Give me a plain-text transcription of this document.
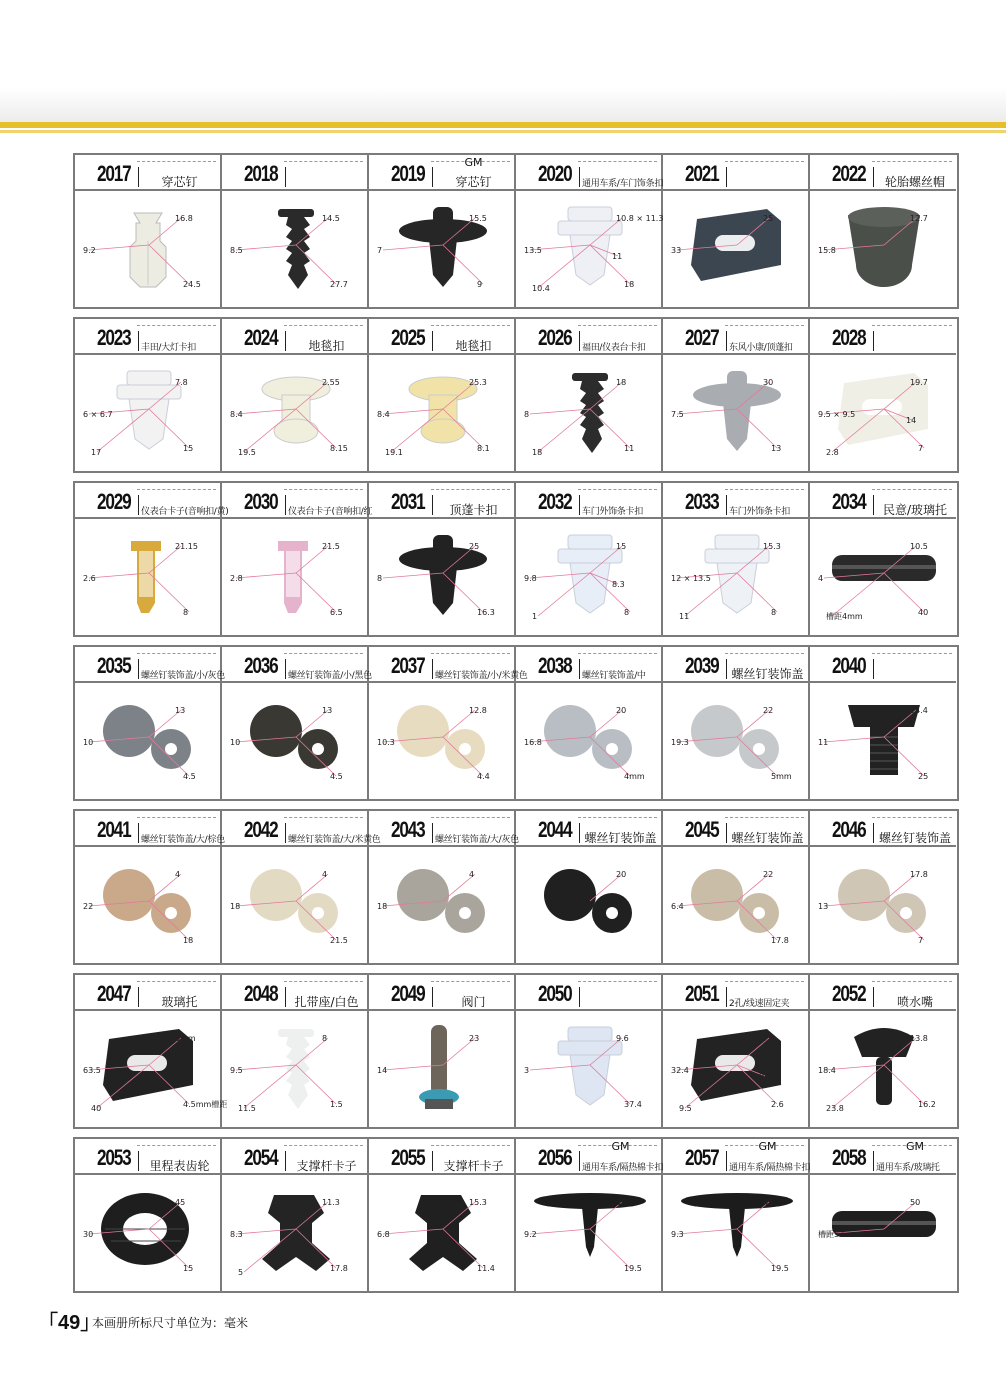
2017	穿芯钉
16.8
9.2
24.5
2018
14.5
8.5
27.7
2019	GM
穿芯钉
15.5
7
9
2020 通用车系/车门饰条扣
10.8 × 11.3
13.5
18
10.4
11
2021
25
33
2022	轮胎螺丝帽
12.7
15.8
2023 丰田/大灯卡扣
7.8
6 × 6.7
15
17
2024	地毯扣
2.55
8.4
8.15
19.5
2025	地毯扣
25.3
8.4
8.1
19.1
2026 福田/仪表台卡扣
18
8
11
18
2027 东风小康/顶蓬扣
30
7.5
13
2028
19.7
9.5 × 9.5
7
2.8
14
2029 仪表台卡子(音响扣/黄)
21.15
2.6
8
2030 仪表台卡子(音响扣/红
21.5
2.8
6.5
2031	顶蓬卡扣
25
8
16.3
2032 车门外饰条卡扣
15
9.8
8
1
8.3
2033 车门外饰条卡扣
15.3
12 × 13.5
8
11
2034	民意/玻璃托
10.5
4
40
槽距4mm
2035 螺丝钉装饰盖/小/灰色
13
10
4.5
2036 螺丝钉装饰盖/小/黑色
13
10
4.5
2037 螺丝钉装饰盖/小/米黄色
12.8
10.3
4.4
2038 螺丝钉装饰盖/中
20
16.8
4mm
2039 螺丝钉装饰盖
22
19.3
5mm
2040
24.4
11
25
2041 螺丝钉装饰盖/大/棕色
4
22
18
2042 螺丝钉装饰盖/大/米黄色
4
18
21.5
2043 螺丝钉装饰盖/大/灰色
4
18
2044 螺丝钉装饰盖
20
2045 螺丝钉装饰盖
22
6.4
17.8
2046 螺丝钉装饰盖
17.8
13
7
2047	玻璃托
6mm
63.5
4.5mm槽距
40
2048	扎带座/白色
8
9.5
1.5
11.5
2049	阀门
23
14
2050
9.6
3
37.4
2051 2孔/线速固定夹
72
32.4
2.6
9.5
9.5
2052	喷水嘴
13.8
18.4
16.2
23.8
2053	里程表齿轮
45
30
15
2054	支撑杆卡子
11.3
8.3
17.8
5
2055	支撑杆卡子
15.3
6.8
11.4
2056	GM
通用车系/隔热棉卡扣
30
9.2
19.5
2057	GM
通用车系/隔热棉卡扣
45
9.3
19.5
2058	GM
通用车系/玻璃托
50
槽距5.5mm
「49」
本画册所标尺寸单位为：毫米
